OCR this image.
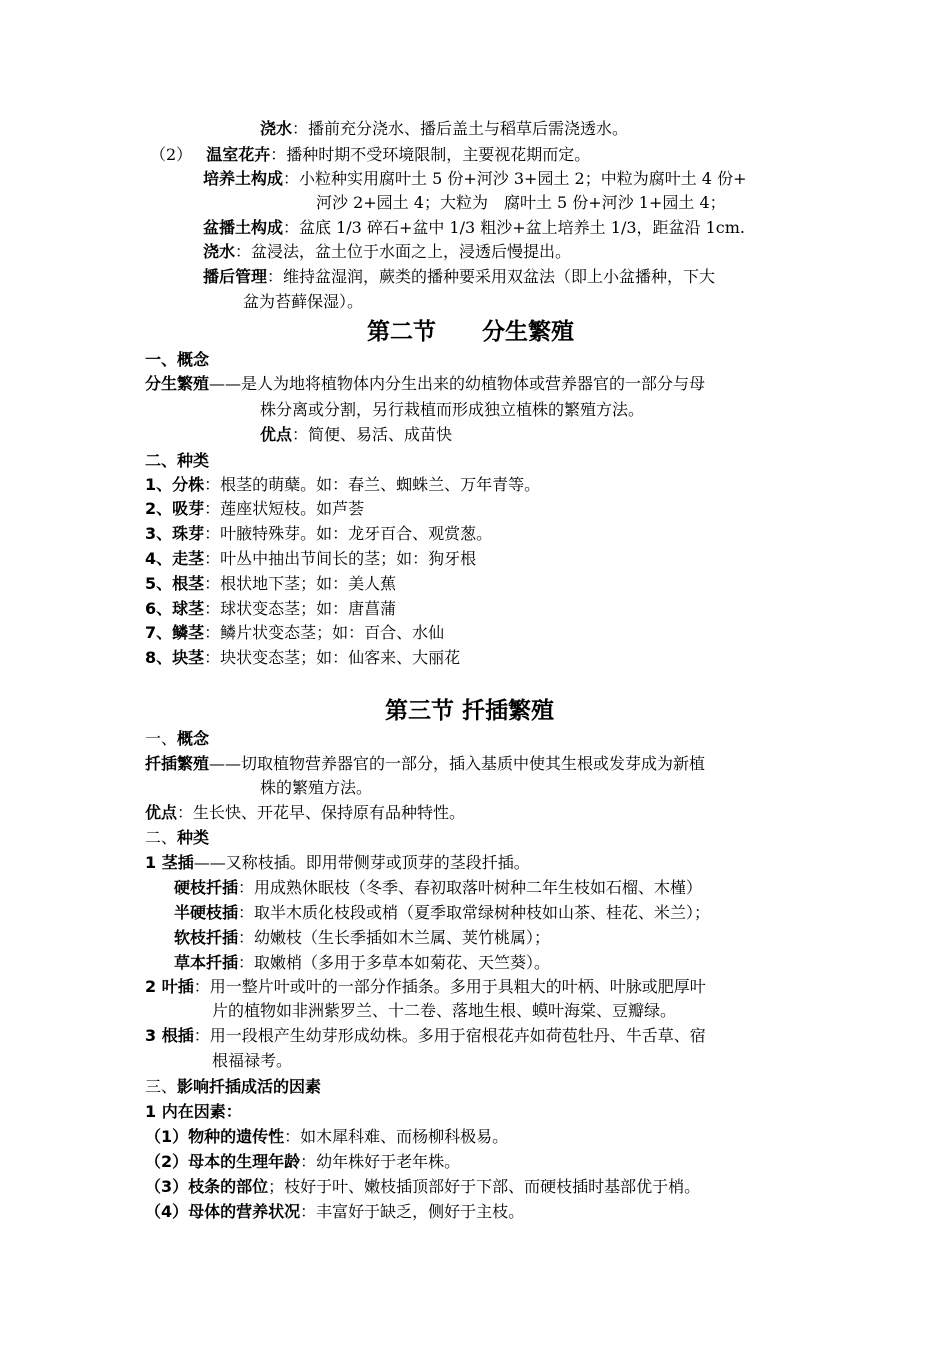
浇水：播前充分浇水、播后盖土与稻草后需浇透水。
（2） 温室花卉：播种时期不受环境限制，主要视花期而定。
培养土构成：小粒种实用腐叶土 5 份+河沙 3+园土 2；中粒为腐叶土 4 份+
河沙 2+园土 4；大粒为　腐叶土 5 份+河沙 1+园土 4；
盆播土构成：盆底 1/3 碎石+盆中 1/3 粗沙+盆上培养土 1/3，距盆沿 1cm.
浇水：盆浸法，盆土位于水面之上，浸透后慢提出。
播后管理：维持盆湿润，蕨类的播种要采用双盆法（即上小盆播种，下大
盆为苔藓保湿）。
第二节　　分生繁殖
一、概念
分生繁殖——是人为地将植物体内分生出来的幼植物体或营养器官的一部分与母
株分离或分割，另行栽植而形成独立植株的繁殖方法。
优点：简便、易活、成苗快
二、种类
1、分株：根茎的萌蘖。如：春兰、蜘蛛兰、万年青等。
2、吸芽：莲座状短枝。如芦荟
3、珠芽：叶腋特殊芽。如：龙牙百合、观赏葱。
4、走茎：叶丛中抽出节间长的茎；如：狗牙根
5、根茎：根状地下茎；如：美人蕉
6、球茎：球状变态茎；如：唐菖蒲
7、鳞茎：鳞片状变态茎；如：百合、水仙
8、块茎：块状变态茎；如：仙客来、大丽花
第三节 扦插繁殖
一、概念
扦插繁殖——切取植物营养器官的一部分，插入基质中使其生根或发芽成为新植
株的繁殖方法。
优点：生长快、开花早、保持原有品种特性。
二、种类
1 茎插——又称枝插。即用带侧芽或顶芽的茎段扦插。
硬枝扦插：用成熟休眠枝（冬季、春初取落叶树种二年生枝如石榴、木槿）
半硬枝插：取半木质化枝段或梢（夏季取常绿树种枝如山茶、桂花、米兰）；
软枝扦插：幼嫩枝（生长季插如木兰属、荚竹桃属）；
草本扦插：取嫩梢（多用于多草本如菊花、天竺葵）。
2 叶插：用一整片叶或叶的一部分作插条。多用于具粗大的叶柄、叶脉或肥厚叶
片的植物如非洲紫罗兰、十二卷、落地生根、蟆叶海棠、豆瓣绿。
3 根插：用一段根产生幼芽形成幼株。多用于宿根花卉如荷苞牡丹、牛舌草、宿
根福禄考。
三、影响扦插成活的因素
1 内在因素：
（1）物种的遗传性：如木犀科难、而杨柳科极易。
（2）母本的生理年龄：幼年株好于老年株。
（3）枝条的部位；枝好于叶、嫩枝插顶部好于下部、而硬枝插时基部优于梢。
（4）母体的营养状况：丰富好于缺乏，侧好于主枝。
